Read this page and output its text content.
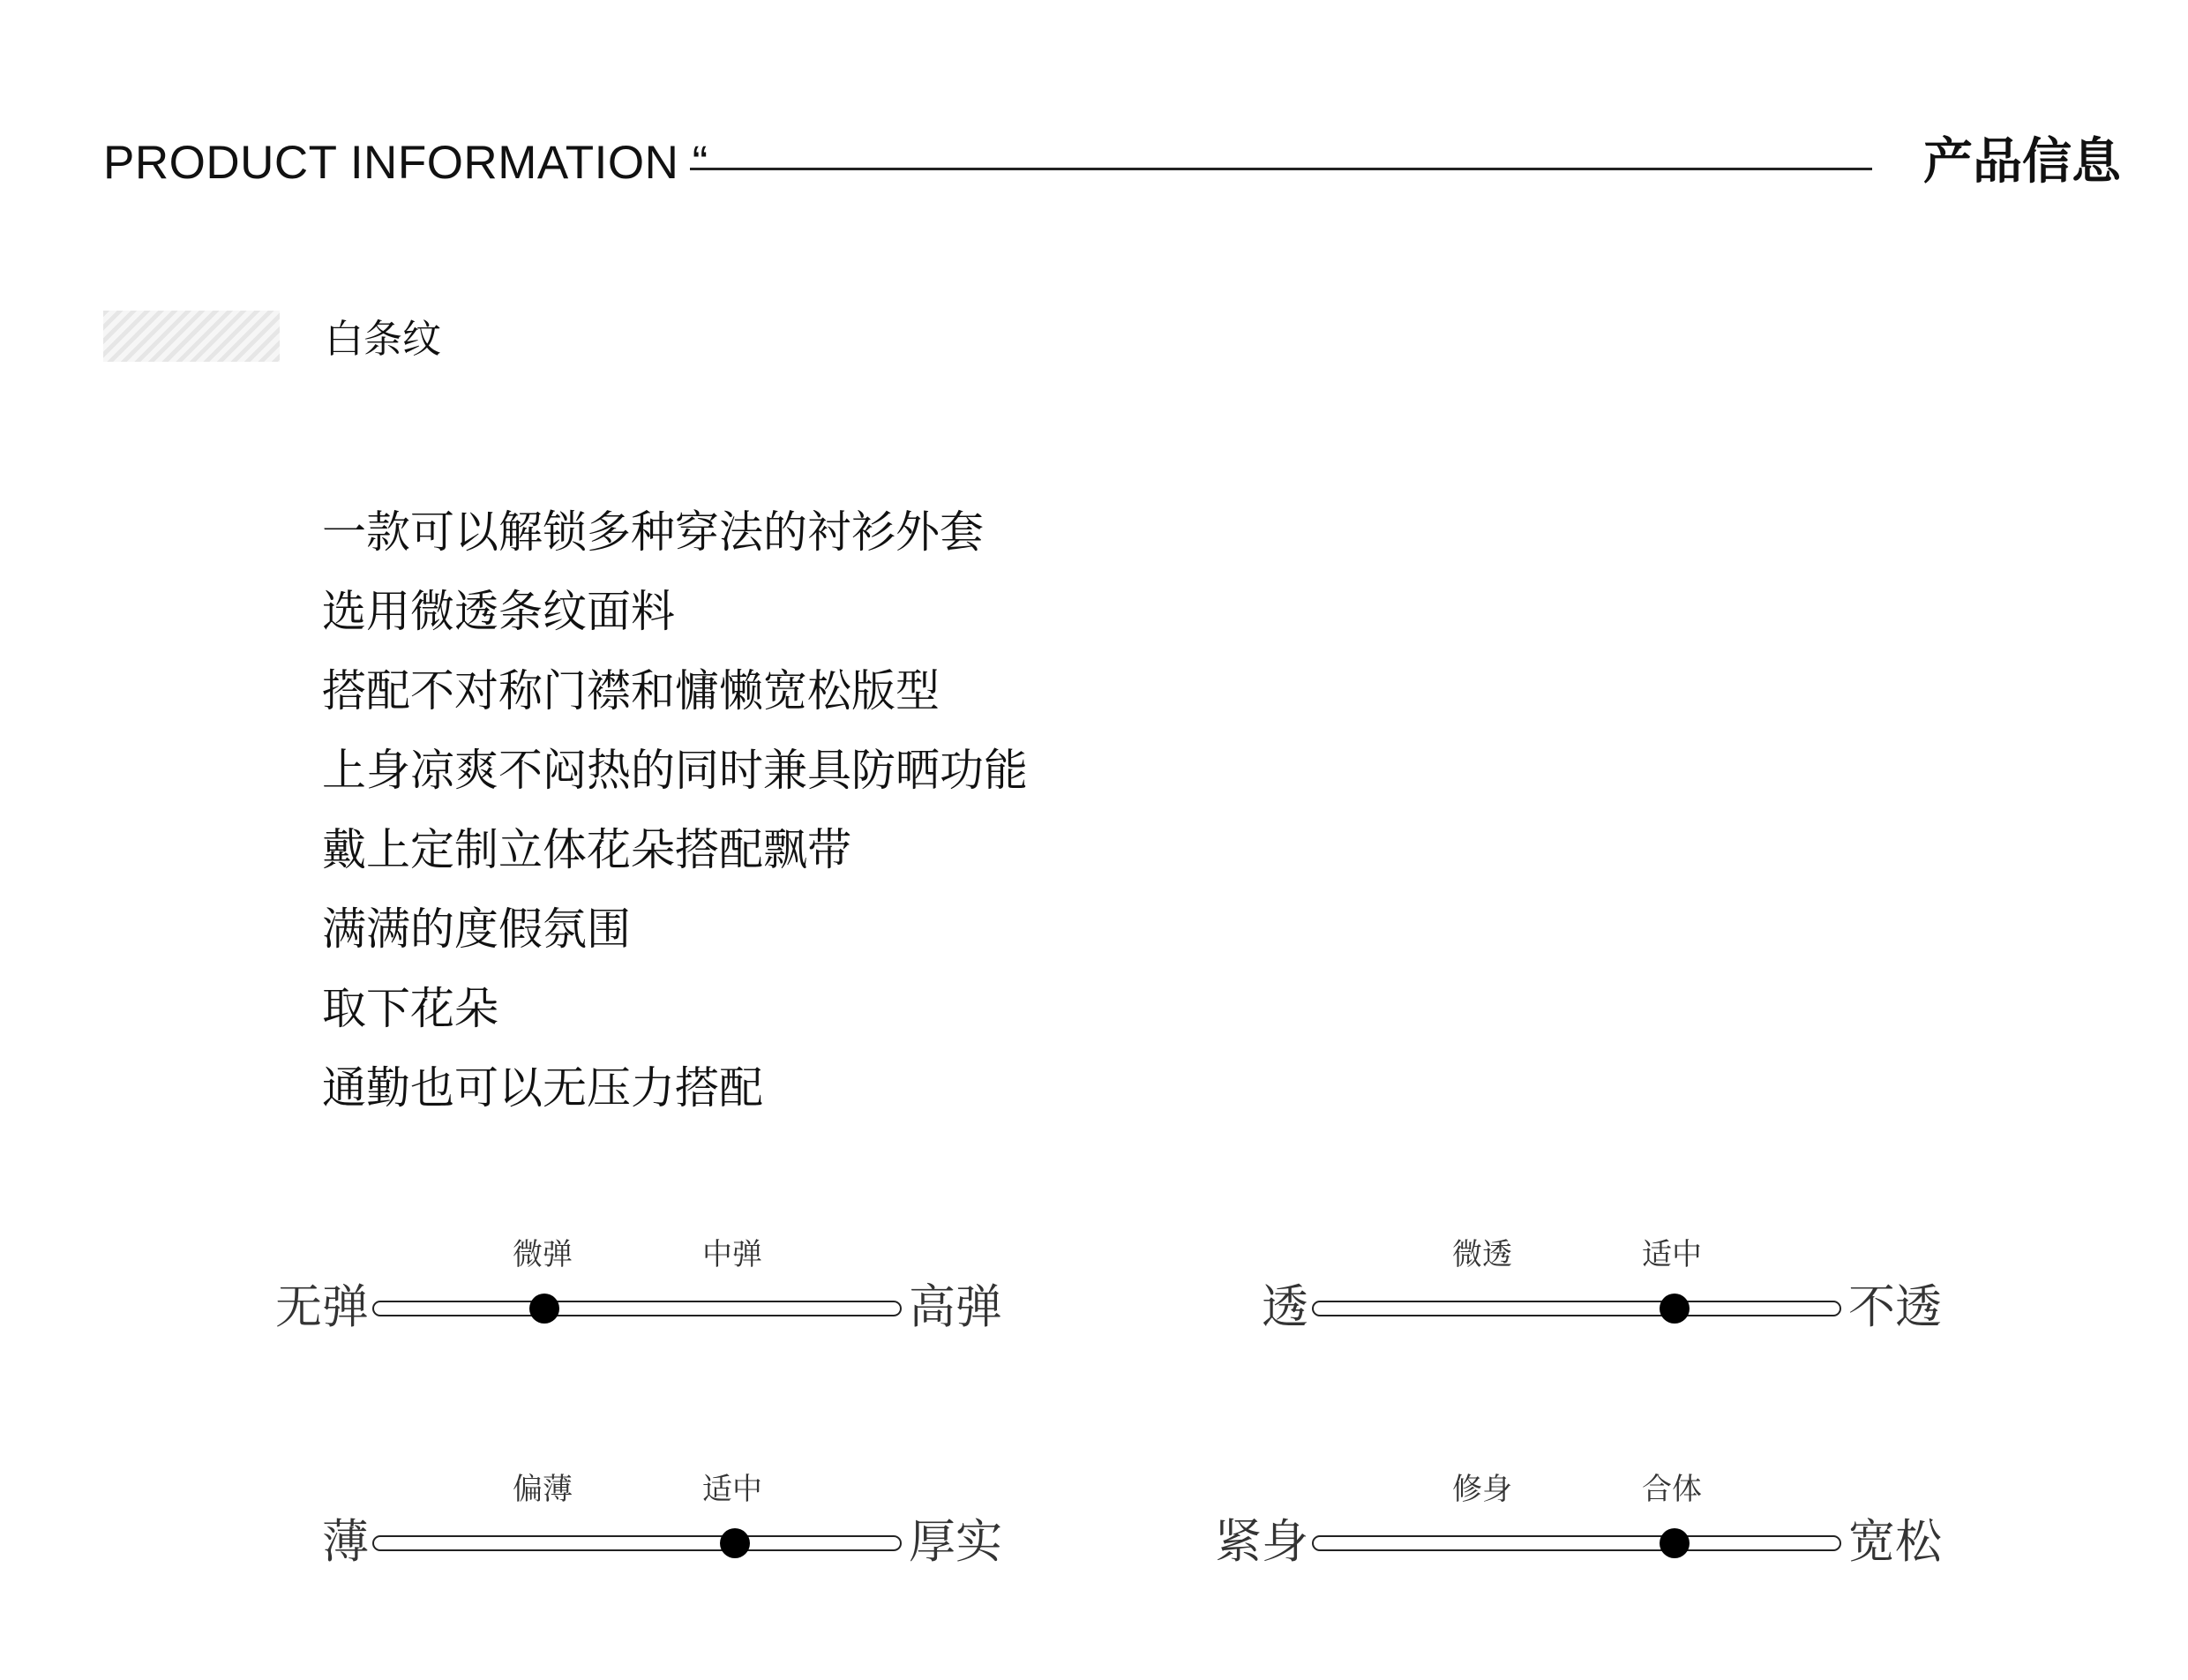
PRODUCT INFORMATION “	产品信息
白条纹
一款可以解锁多种穿法的衬衫外套
选用微透条纹面料
搭配不对称门襟和慵懒宽松版型
上身凉爽不闷热的同时兼具防晒功能
戴上定制立体花朵搭配飘带
满满的度假氛围
取下花朵
通勤也可以无压力搭配
无弹
微弹	中弹
高弹	透
微透	适中
不透
薄
偏薄	适中
厚实	紧身
修身	合体
宽松
